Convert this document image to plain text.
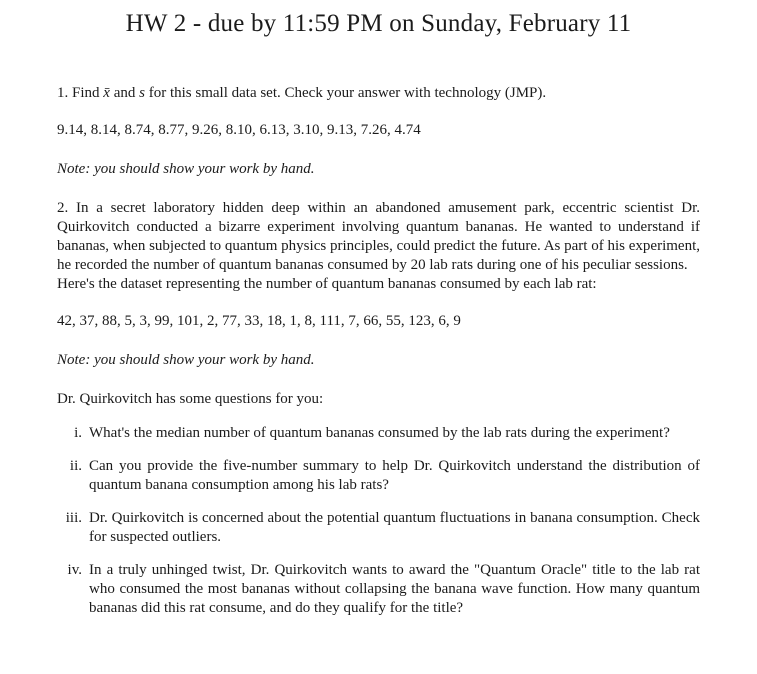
HW 2 - due by 11:59 PM on Sunday, February 11

1. Find x̄ and s for this small data set. Check your answer with technology (JMP).

9.14, 8.14, 8.74, 8.77, 9.26, 8.10, 6.13, 3.10, 9.13, 7.26, 4.74

Note: you should show your work by hand.

2. In a secret laboratory hidden deep within an abandoned amusement park, eccentric scientist Dr. Quirkovitch conducted a bizarre experiment involving quantum bananas. He wanted to understand if bananas, when subjected to quantum physics principles, could predict the future. As part of his experiment, he recorded the number of quantum bananas consumed by 20 lab rats during one of his peculiar sessions.

Here's the dataset representing the number of quantum bananas consumed by each lab rat:

42, 37, 88, 5, 3, 99, 101, 2, 77, 33, 18, 1, 8, 111, 7, 66, 55, 123, 6, 9

Note: you should show your work by hand.

Dr. Quirkovitch has some questions for you:

i. What's the median number of quantum bananas consumed by the lab rats during the experiment?
ii. Can you provide the five-number summary to help Dr. Quirkovitch understand the distribution of quantum banana consumption among his lab rats?
iii. Dr. Quirkovitch is concerned about the potential quantum fluctuations in banana consumption. Check for suspected outliers.
iv. In a truly unhinged twist, Dr. Quirkovitch wants to award the "Quantum Oracle" title to the lab rat who consumed the most bananas without collapsing the banana wave function. How many quantum bananas did this rat consume, and do they qualify for the title?
